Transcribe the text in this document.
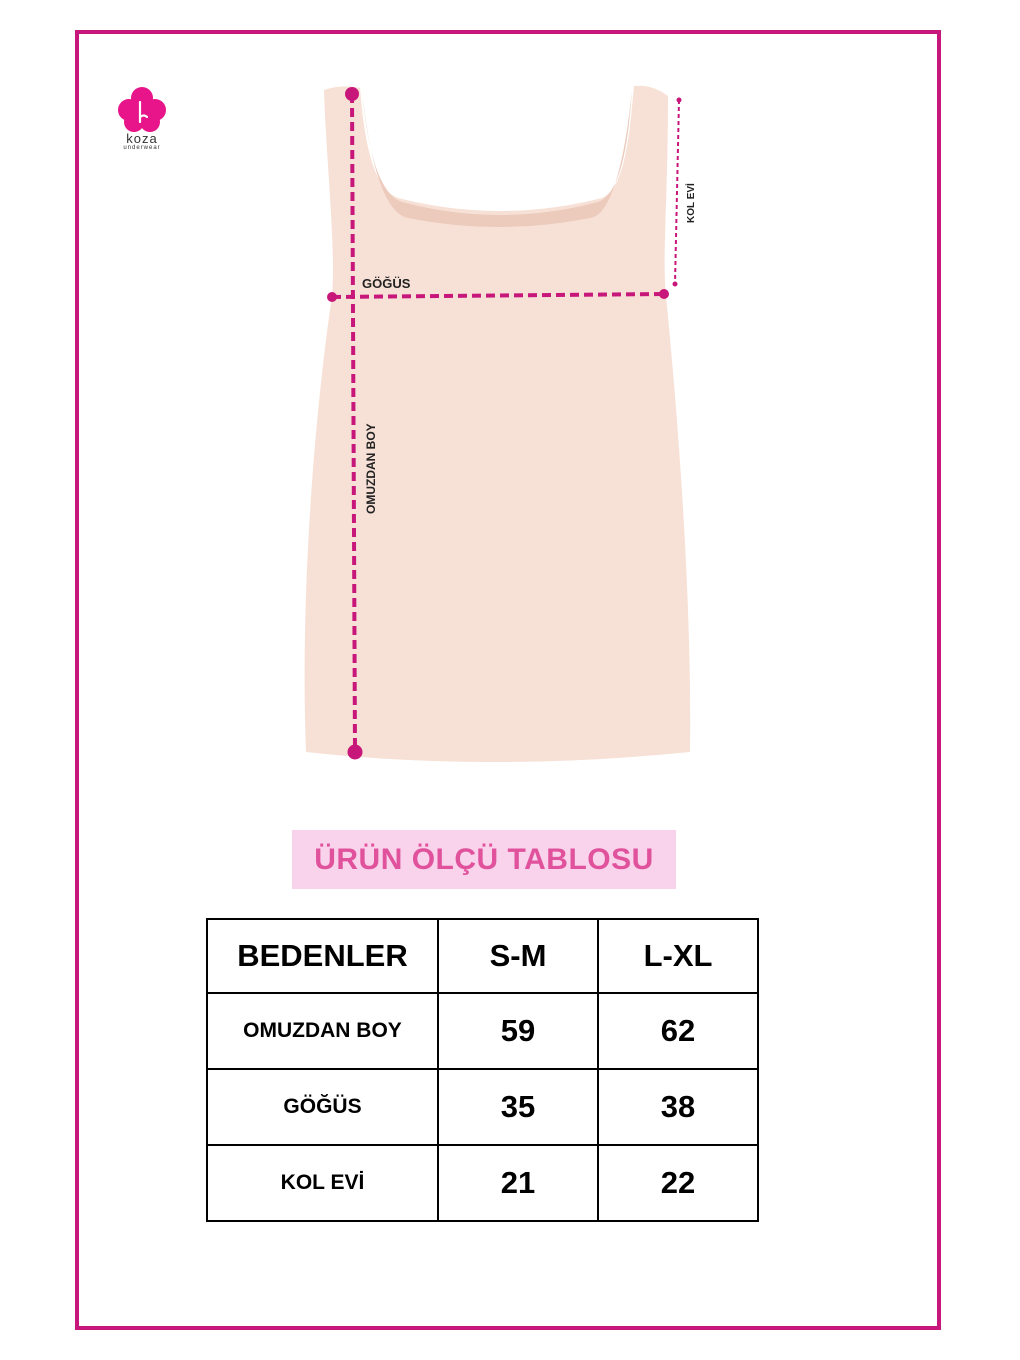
koza
underwear
GÖĞÜS
OMUZDAN BOY
KOL EVİ
ÜRÜN ÖLÇÜ TABLOSU
BEDENLER	S-M	L-XL
OMUZDAN BOY	59	62
GÖĞÜS	35	38
KOL EVİ	21	22
